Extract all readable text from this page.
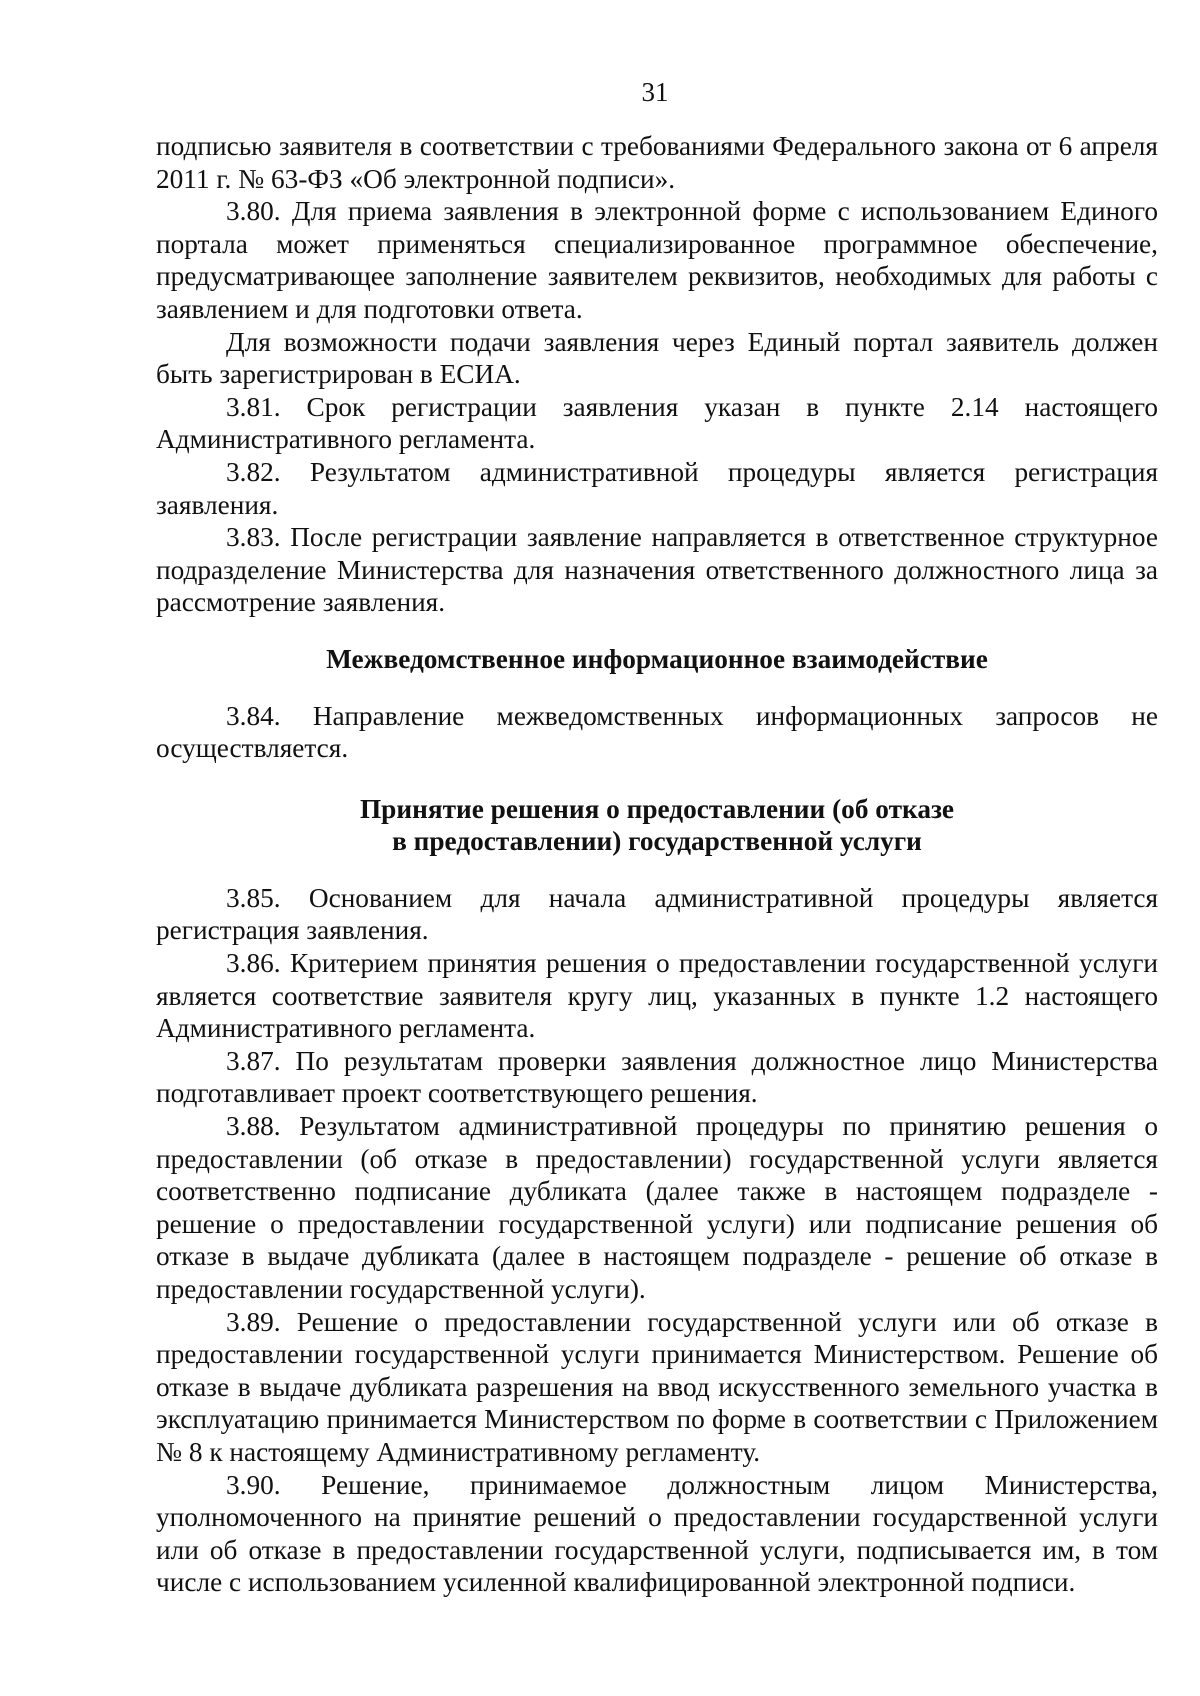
31

подписью заявителя в соответствии с требованиями Федерального закона от 6 апреля 2011 г. № 63-ФЗ «Об электронной подписи».

3.80. Для приема заявления в электронной форме с использованием Единого портала может применяться специализированное программное обеспечение, предусматривающее заполнение заявителем реквизитов, необходимых для работы с заявлением и для подготовки ответа.

Для возможности подачи заявления через Единый портал заявитель должен быть зарегистрирован в ЕСИА.

3.81. Срок регистрации заявления указан в пункте 2.14 настоящего Административного регламента.

3.82. Результатом административной процедуры является регистрация заявления.

3.83. После регистрации заявление направляется в ответственное структурное подразделение Министерства для назначения ответственного должностного лица за рассмотрение заявления.

Межведомственное информационное взаимодействие

3.84. Направление межведомственных информационных запросов не осуществляется.

Принятие решения о предоставлении (об отказе
в предоставлении) государственной услуги

3.85. Основанием для начала административной процедуры является регистрация заявления.

3.86. Критерием принятия решения о предоставлении государственной услуги является соответствие заявителя кругу лиц, указанных в пункте 1.2 настоящего Административного регламента.

3.87. По результатам проверки заявления должностное лицо Министерства подготавливает проект соответствующего решения.

3.88. Результатом административной процедуры по принятию решения о предоставлении (об отказе в предоставлении) государственной услуги является соответственно подписание дубликата (далее также в настоящем подразделе - решение о предоставлении государственной услуги) или подписание решения об отказе в выдаче дубликата (далее в настоящем подразделе - решение об отказе в предоставлении государственной услуги).

3.89. Решение о предоставлении государственной услуги или об отказе в предоставлении государственной услуги принимается Министерством. Решение об отказе в выдаче дубликата разрешения на ввод искусственного земельного участка в эксплуатацию принимается Министерством по форме в соответствии с Приложением № 8 к настоящему Административному регламенту.

3.90. Решение, принимаемое должностным лицом Министерства, уполномоченного на принятие решений о предоставлении государственной услуги или об отказе в предоставлении государственной услуги, подписывается им, в том числе с использованием усиленной квалифицированной электронной подписи.
